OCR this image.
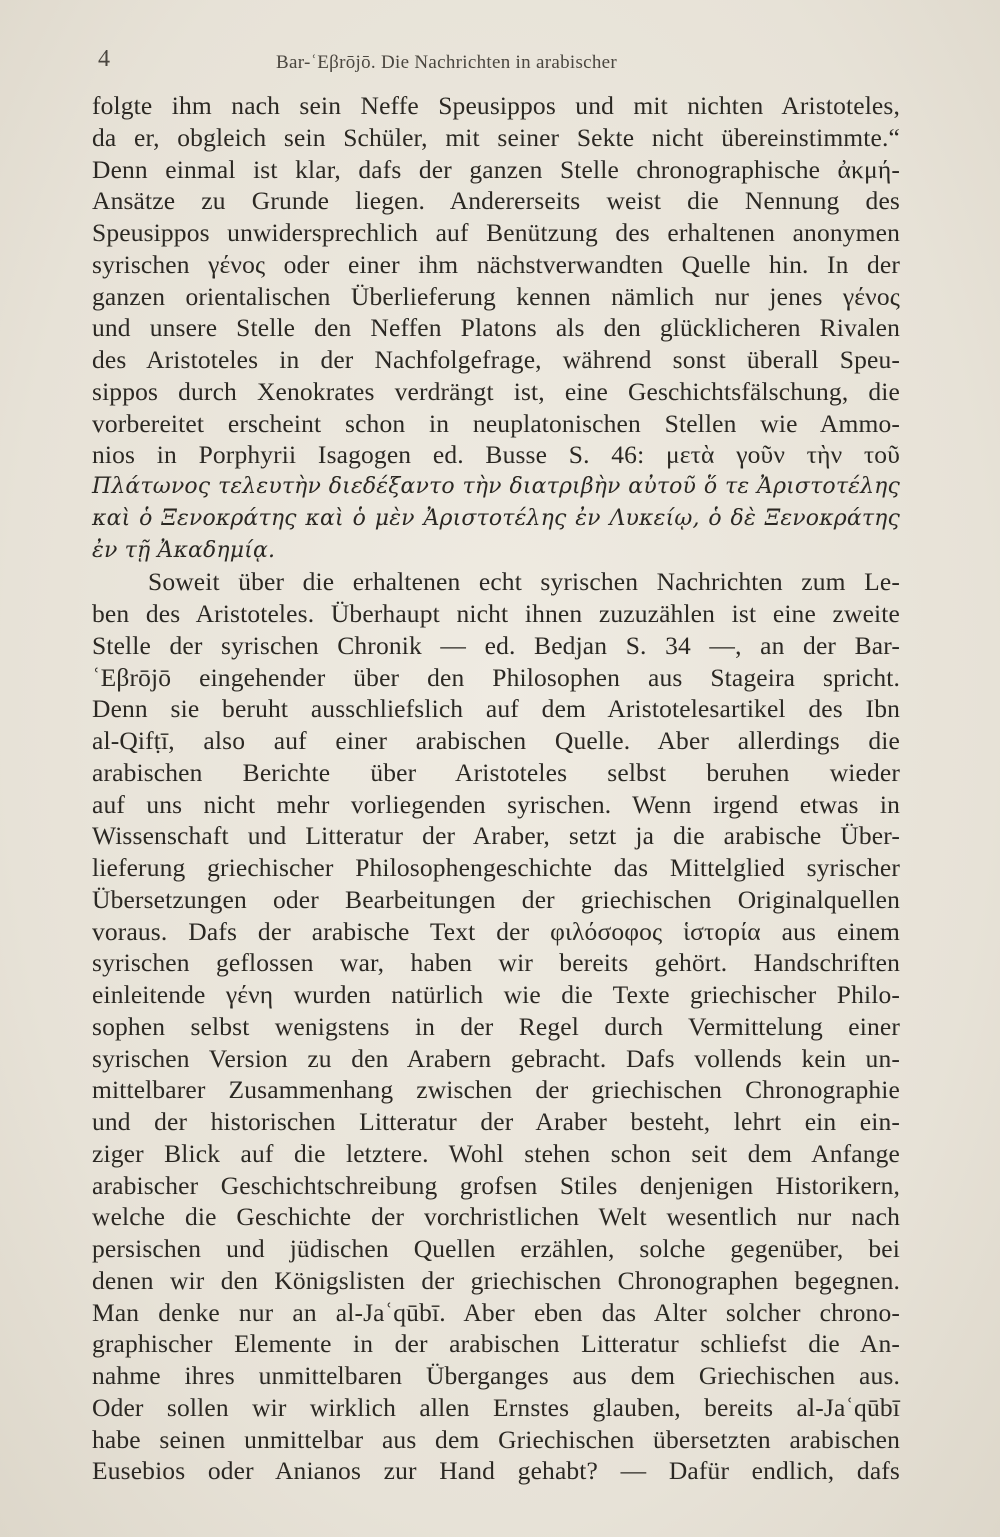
4	Bar-ʿEβrōjō. Die Nachrichten in arabischer
folgte ihm nach sein Neffe Speusippos und mit nichten Aristoteles,
da er, obgleich sein Schüler, mit seiner Sekte nicht übereinstimmte.“
Denn einmal ist klar, dafs der ganzen Stelle chronographische ἀκμή-
Ansätze zu Grunde liegen. Andererseits weist die Nennung des
Speusippos unwidersprechlich auf Benützung des erhaltenen anonymen
syrischen γένος oder einer ihm nächstverwandten Quelle hin. In der
ganzen orientalischen Überlieferung kennen nämlich nur jenes γένος
und unsere Stelle den Neffen Platons als den glücklicheren Rivalen
des Aristoteles in der Nachfolgefrage, während sonst überall Speu-
sippos durch Xenokrates verdrängt ist, eine Geschichtsfälschung, die
vorbereitet erscheint schon in neuplatonischen Stellen wie Ammo-
nios in Porphyrii Isagogen ed. Busse S. 46: μετὰ γοῦν τὴν τοῦ
Πλάτωνος τελευτὴν διεδέξαντο τὴν διατριβὴν αὐτοῦ ὅ τε Ἀριστοτέλης
καὶ ὁ Ξενοκράτης καὶ ὁ μὲν Ἀριστοτέλης ἐν Λυκείῳ, ὁ δὲ Ξενοκράτης
ἐν τῇ Ἀκαδημίᾳ.
Soweit über die erhaltenen echt syrischen Nachrichten zum Le-
ben des Aristoteles. Überhaupt nicht ihnen zuzuzählen ist eine zweite
Stelle der syrischen Chronik — ed. Bedjan S. 34 —, an der Bar-
ʿEβrōjō eingehender über den Philosophen aus Stageira spricht.
Denn sie beruht ausschliefslich auf dem Aristotelesartikel des Ibn
al-Qifṭī, also auf einer arabischen Quelle. Aber allerdings die
arabischen Berichte über Aristoteles selbst beruhen wieder
auf uns nicht mehr vorliegenden syrischen. Wenn irgend etwas in
Wissenschaft und Litteratur der Araber, setzt ja die arabische Über-
lieferung griechischer Philosophengeschichte das Mittelglied syrischer
Übersetzungen oder Bearbeitungen der griechischen Originalquellen
voraus. Dafs der arabische Text der φιλόσοφος ἱστορία aus einem
syrischen geflossen war, haben wir bereits gehört. Handschriften
einleitende γένη wurden natürlich wie die Texte griechischer Philo-
sophen selbst wenigstens in der Regel durch Vermittelung einer
syrischen Version zu den Arabern gebracht. Dafs vollends kein un-
mittelbarer Zusammenhang zwischen der griechischen Chronographie
und der historischen Litteratur der Araber besteht, lehrt ein ein-
ziger Blick auf die letztere. Wohl stehen schon seit dem Anfange
arabischer Geschichtschreibung grofsen Stiles denjenigen Historikern,
welche die Geschichte der vorchristlichen Welt wesentlich nur nach
persischen und jüdischen Quellen erzählen, solche gegenüber, bei
denen wir den Königslisten der griechischen Chronographen begegnen.
Man denke nur an al-Jaʿqūbī. Aber eben das Alter solcher chrono-
graphischer Elemente in der arabischen Litteratur schliefst die An-
nahme ihres unmittelbaren Überganges aus dem Griechischen aus.
Oder sollen wir wirklich allen Ernstes glauben, bereits al-Jaʿqūbī
habe seinen unmittelbar aus dem Griechischen übersetzten arabischen
Eusebios oder Anianos zur Hand gehabt? — Dafür endlich, dafs
